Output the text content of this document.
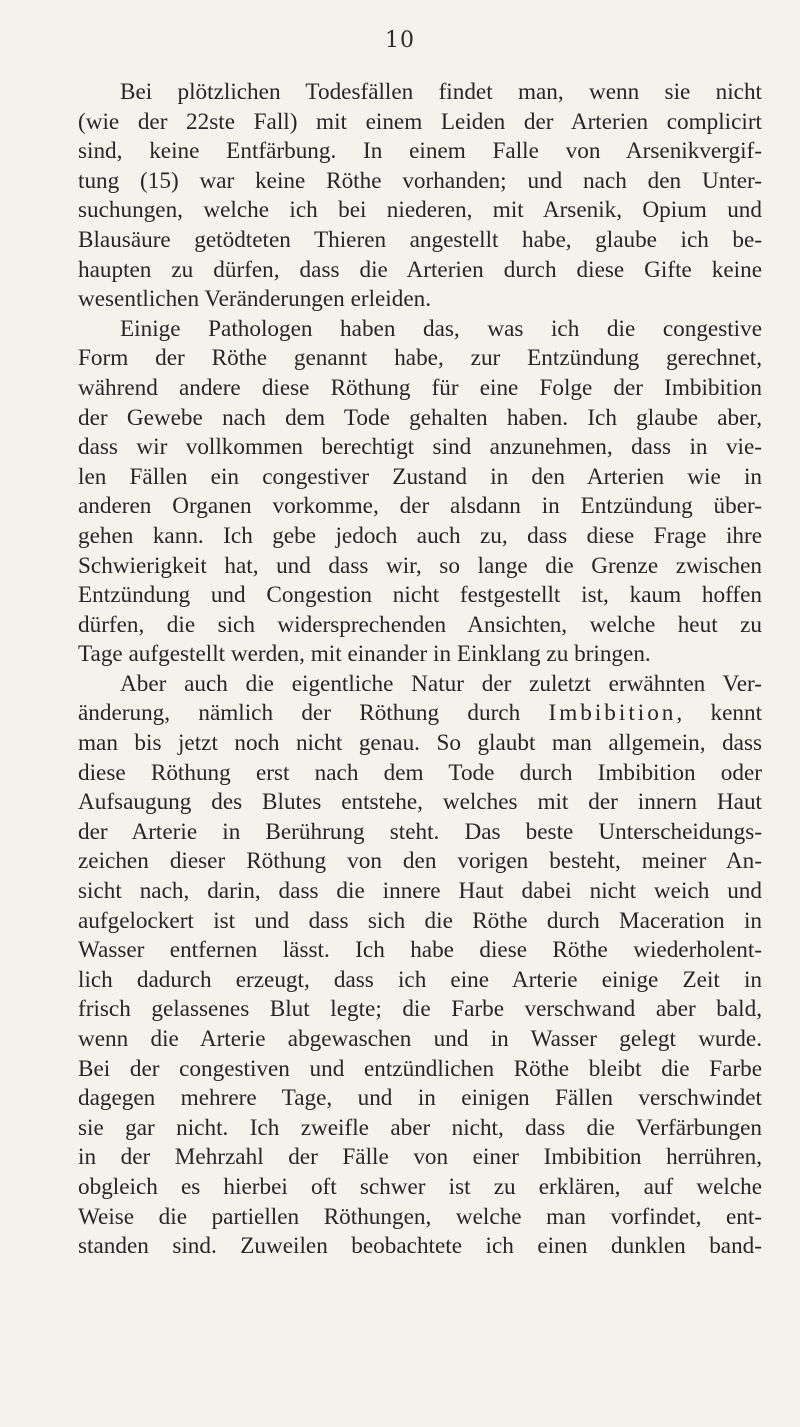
10
Bei plötzlichen Todesfällen findet man, wenn sie nicht
(wie der 22ste Fall) mit einem Leiden der Arterien complicirt
sind, keine Entfärbung. In einem Falle von Arsenikvergif-
tung (15) war keine Röthe vorhanden; und nach den Unter-
suchungen, welche ich bei niederen, mit Arsenik, Opium und
Blausäure getödteten Thieren angestellt habe, glaube ich be-
haupten zu dürfen, dass die Arterien durch diese Gifte keine
wesentlichen Veränderungen erleiden.
Einige Pathologen haben das, was ich die congestive
Form der Röthe genannt habe, zur Entzündung gerechnet,
während andere diese Röthung für eine Folge der Imbibition
der Gewebe nach dem Tode gehalten haben. Ich glaube aber,
dass wir vollkommen berechtigt sind anzunehmen, dass in vie-
len Fällen ein congestiver Zustand in den Arterien wie in
anderen Organen vorkomme, der alsdann in Entzündung über-
gehen kann. Ich gebe jedoch auch zu, dass diese Frage ihre
Schwierigkeit hat, und dass wir, so lange die Grenze zwischen
Entzündung und Congestion nicht festgestellt ist, kaum hoffen
dürfen, die sich widersprechenden Ansichten, welche heut zu
Tage aufgestellt werden, mit einander in Einklang zu bringen.
Aber auch die eigentliche Natur der zuletzt erwähnten Ver-
änderung, nämlich der Röthung durch Imbibition, kennt
man bis jetzt noch nicht genau. So glaubt man allgemein, dass
diese Röthung erst nach dem Tode durch Imbibition oder
Aufsaugung des Blutes entstehe, welches mit der innern Haut
der Arterie in Berührung steht. Das beste Unterscheidungs-
zeichen dieser Röthung von den vorigen besteht, meiner An-
sicht nach, darin, dass die innere Haut dabei nicht weich und
aufgelockert ist und dass sich die Röthe durch Maceration in
Wasser entfernen lässt. Ich habe diese Röthe wiederholent-
lich dadurch erzeugt, dass ich eine Arterie einige Zeit in
frisch gelassenes Blut legte; die Farbe verschwand aber bald,
wenn die Arterie abgewaschen und in Wasser gelegt wurde.
Bei der congestiven und entzündlichen Röthe bleibt die Farbe
dagegen mehrere Tage, und in einigen Fällen verschwindet
sie gar nicht. Ich zweifle aber nicht, dass die Verfärbungen
in der Mehrzahl der Fälle von einer Imbibition herrühren,
obgleich es hierbei oft schwer ist zu erklären, auf welche
Weise die partiellen Röthungen, welche man vorfindet, ent-
standen sind. Zuweilen beobachtete ich einen dunklen band-
